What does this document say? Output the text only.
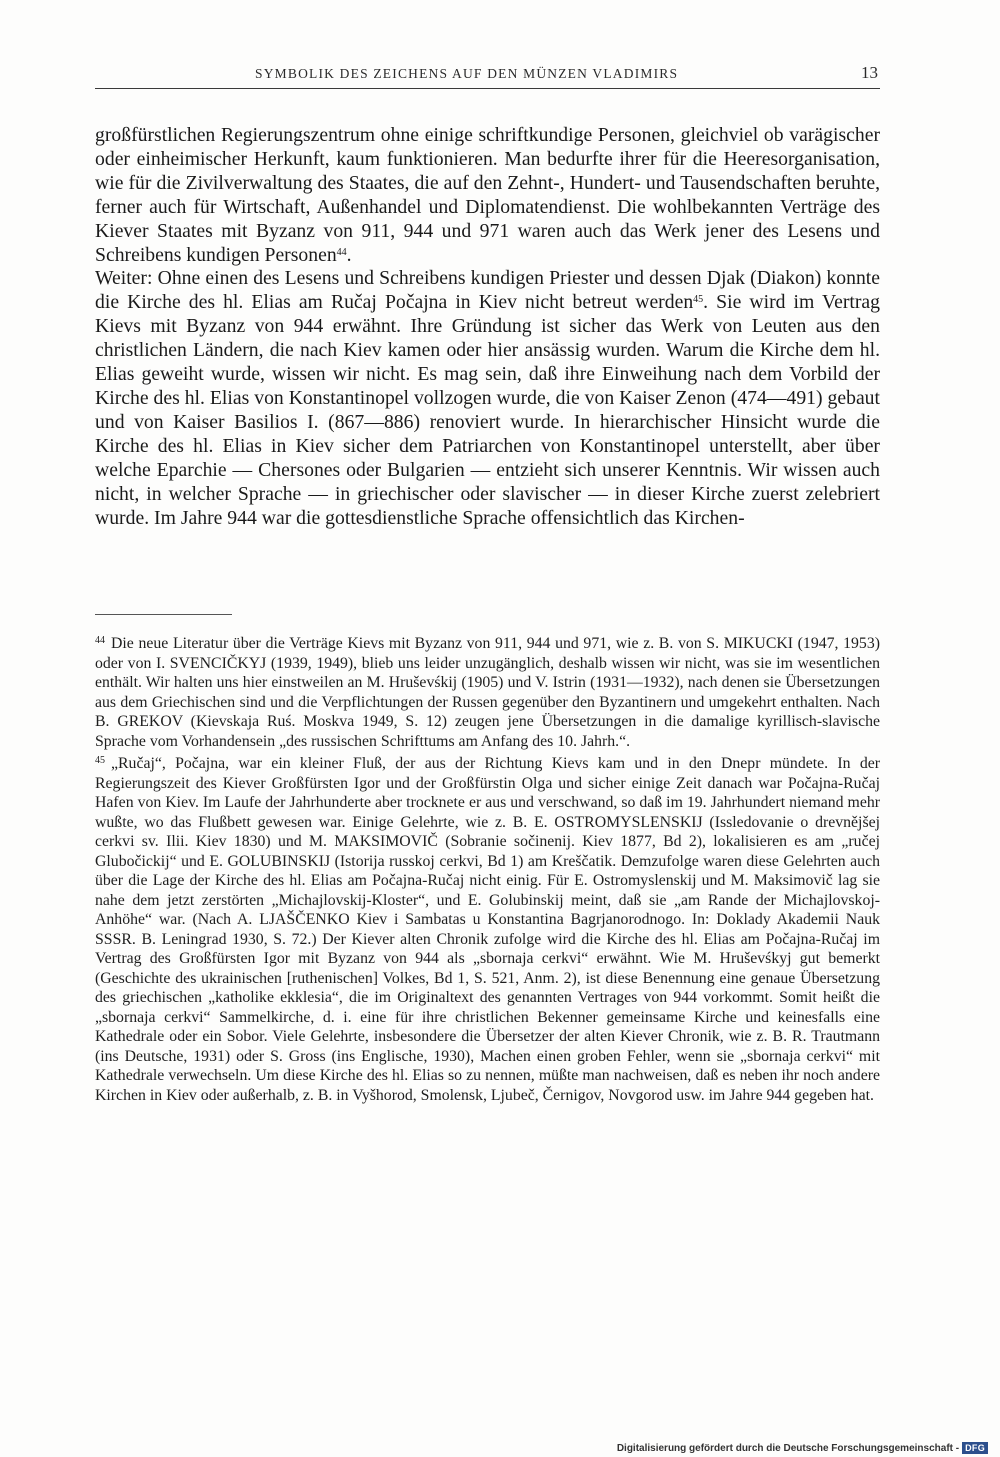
SYMBOLIK DES ZEICHENS AUF DEN MÜNZEN VLADIMIRS	13

großfürstlichen Regierungszentrum ohne einige schriftkundige Personen, gleichviel ob varägischer oder einheimischer Herkunft, kaum funktionieren. Man bedurfte ihrer für die Heeresorganisation, wie für die Zivilverwaltung des Staates, die auf den Zehnt-, Hundert- und Tausendschaften beruhte, ferner auch für Wirtschaft, Außenhandel und Diplomatendienst. Die wohlbekannten Verträge des Kiever Staates mit Byzanz von 911, 944 und 971 waren auch das Werk jener des Lesens und Schreibens kundigen Personen$^{44}$.

Weiter: Ohne einen des Lesens und Schreibens kundigen Priester und dessen Djak (Diakon) konnte die Kirche des hl. Elias am Ručaj Počajna in Kiev nicht betreut werden$^{45}$. Sie wird im Vertrag Kievs mit Byzanz von 944 erwähnt. Ihre Gründung ist sicher das Werk von Leuten aus den christlichen Ländern, die nach Kiev kamen oder hier ansässig wurden. Warum die Kirche dem hl. Elias geweiht wurde, wissen wir nicht. Es mag sein, daß ihre Einweihung nach dem Vorbild der Kirche des hl. Elias von Konstantinopel vollzogen wurde, die von Kaiser Zenon (474—491) gebaut und von Kaiser Basilios I. (867—886) renoviert wurde. In hierarchischer Hinsicht wurde die Kirche des hl. Elias in Kiev sicher dem Patriarchen von Konstantinopel unterstellt, aber über welche Eparchie — Chersones oder Bulgarien — entzieht sich unserer Kenntnis. Wir wissen auch nicht, in welcher Sprache — in griechischer oder slavischer — in dieser Kirche zuerst zelebriert wurde. Im Jahre 944 war die gottesdienstliche Sprache offensichtlich das Kirchen-

$^{44}$ Die neue Literatur über die Verträge Kievs mit Byzanz von 911, 944 und 971, wie z. B. von S. MIKUCKI (1947, 1953) oder von I. SVENCIČKYJ (1939, 1949), blieb uns leider unzugänglich, deshalb wissen wir nicht, was sie im wesentlichen enthält. Wir halten uns hier einstweilen an M. Hruševśkij (1905) und V. Istrin (1931—1932), nach denen sie Übersetzungen aus dem Griechischen sind und die Verpflichtungen der Russen gegenüber den Byzantinern und umgekehrt enthalten. Nach B. GREKOV (Kievskaja Ruś. Moskva 1949, S. 12) zeugen jene Übersetzungen in die damalige kyrillisch-slavische Sprache vom Vorhandensein „des russischen Schrifttums am Anfang des 10. Jahrh.“.

$^{45}$ „Ručaj“, Počajna, war ein kleiner Fluß, der aus der Richtung Kievs kam und in den Dnepr mündete. In der Regierungszeit des Kiever Großfürsten Igor und der Großfürstin Olga und sicher einige Zeit danach war Počajna-Ručaj Hafen von Kiev. Im Laufe der Jahrhunderte aber trocknete er aus und verschwand, so daß im 19. Jahrhundert niemand mehr wußte, wo das Flußbett gewesen war. Einige Gelehrte, wie z. B. E. OSTROMYSLENSKIJ (Issledovanie o drevnějšej cerkvi sv. Ilii. Kiev 1830) und M. MAKSIMOVIČ (Sobranie sočinenij. Kiev 1877, Bd 2), lokalisieren es am „ručej Glubočickij“ und E. GOLUBINSKIJ (Istorija russkoj cerkvi, Bd 1) am Kreščatik. Demzufolge waren diese Gelehrten auch über die Lage der Kirche des hl. Elias am Počajna-Ručaj nicht einig. Für E. Ostromyslenskij und M. Maksimovič lag sie nahe dem jetzt zerstörten „Michajlovskij-Kloster“, und E. Golubinskij meint, daß sie „am Rande der Michajlovskoj-Anhöhe“ war. (Nach A. LJAŠČENKO Kiev i Sambatas u Konstantina Bagrjanorodnogo. In: Doklady Akademii Nauk SSSR. B. Leningrad 1930, S. 72.) Der Kiever alten Chronik zufolge wird die Kirche des hl. Elias am Počajna-Ručaj im Vertrag des Großfürsten Igor mit Byzanz von 944 als „sbornaja cerkvi“ erwähnt. Wie M. Hruševśkyj gut bemerkt (Geschichte des ukrainischen [ruthenischen] Volkes, Bd 1, S. 521, Anm. 2), ist diese Benennung eine genaue Übersetzung des griechischen „katholike ekklesia“, die im Originaltext des genannten Vertrages von 944 vorkommt. Somit heißt die „sbornaja cerkvi“ Sammelkirche, d. i. eine für ihre christlichen Bekenner gemeinsame Kirche und keinesfalls eine Kathedrale oder ein Sobor. Viele Gelehrte, insbesondere die Übersetzer der alten Kiever Chronik, wie z. B. R. Trautmann (ins Deutsche, 1931) oder S. Gross (ins Englische, 1930), Machen einen groben Fehler, wenn sie „sbornaja cerkvi“ mit Kathedrale verwechseln. Um diese Kirche des hl. Elias so zu nennen, müßte man nachweisen, daß es neben ihr noch andere Kirchen in Kiev oder außerhalb, z. B. in Vyšhorod, Smolensk, Ljubeč, Černigov, Novgorod usw. im Jahre 944 gegeben hat.

Digitalisierung gefördert durch die Deutsche Forschungsgemeinschaft - DFG
